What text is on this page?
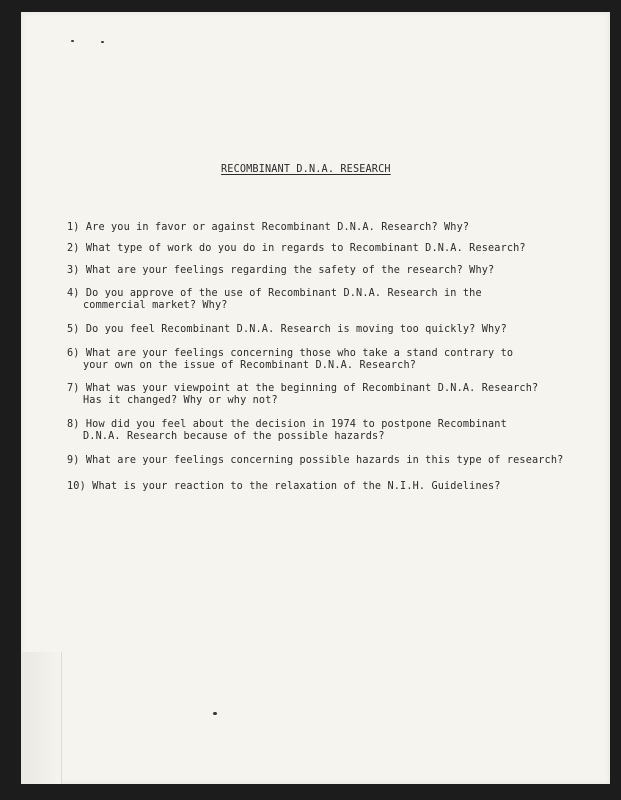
RECOMBINANT D.N.A. RESEARCH
1) Are you in favor or against Recombinant D.N.A. Research? Why?
2) What type of work do you do in regards to Recombinant D.N.A. Research?
3) What are your feelings regarding the safety of the research? Why?
4) Do you approve of the use of Recombinant D.N.A. Research in the
commercial market? Why?
5) Do you feel Recombinant D.N.A. Research is moving too quickly? Why?
6) What are your feelings concerning those who take a stand contrary to
your own on the issue of Recombinant D.N.A. Research?
7) What was your viewpoint at the beginning of Recombinant D.N.A. Research?
Has it changed? Why or why not?
8) How did you feel about the decision in 1974 to postpone Recombinant
D.N.A. Research because of the possible hazards?
9) What are your feelings concerning possible hazards in this type of research?
10) What is your reaction to the relaxation of the N.I.H. Guidelines?
